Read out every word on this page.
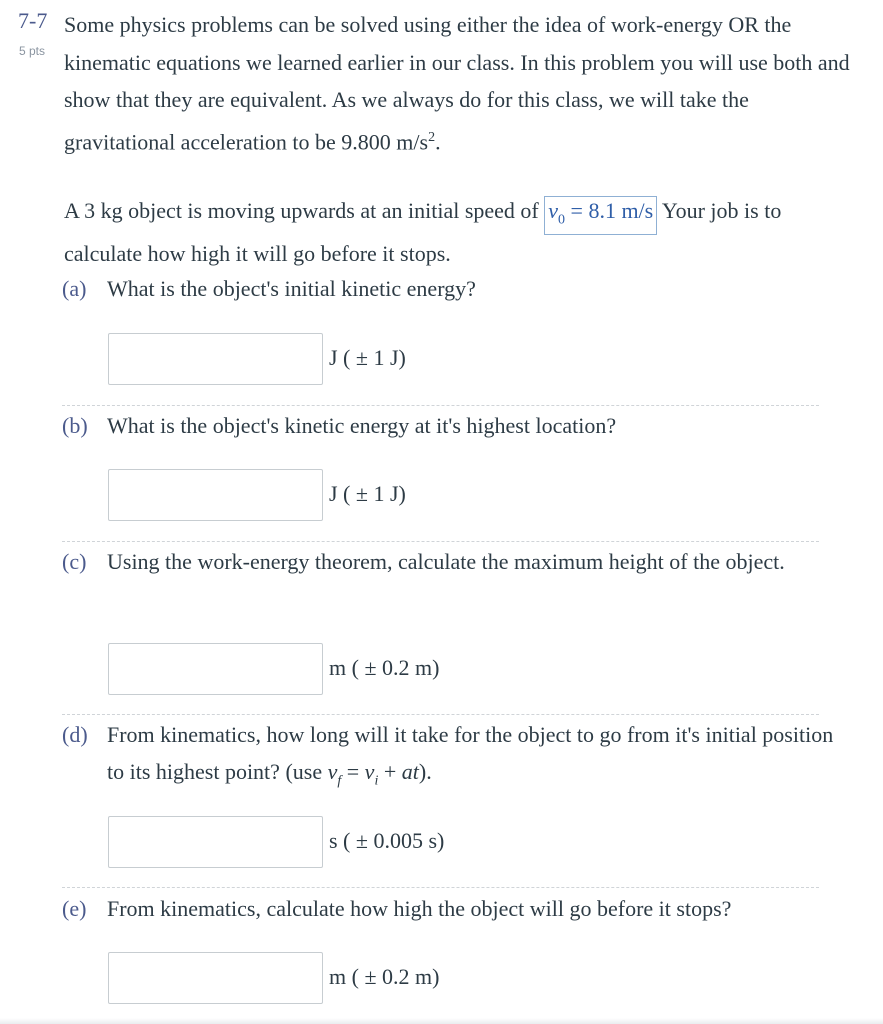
7-7
5 pts
Some physics problems can be solved using either the idea of work-energy OR the kinematic equations we learned earlier in our class. In this problem you will use both and show that they are equivalent. As we always do for this class, we will take the gravitational acceleration to be 9.800 $m/s^2$.
A 3 kg object is moving upwards at an initial speed of $v_0 = 8.1$ m/s Your job is to calculate how high it will go before it stops.
(a) What is the object's initial kinetic energy?
J ( ± 1 J)
(b) What is the object's kinetic energy at it's highest location?
J ( ± 1 J)
(c) Using the work-energy theorem, calculate the maximum height of the object.
m ( ± 0.2 m)
(d) From kinematics, how long will it take for the object to go from it's initial position to its highest point? (use $v_f = v_i + at$).
s ( ± 0.005 s)
(e) From kinematics, calculate how high the object will go before it stops?
m ( ± 0.2 m)
